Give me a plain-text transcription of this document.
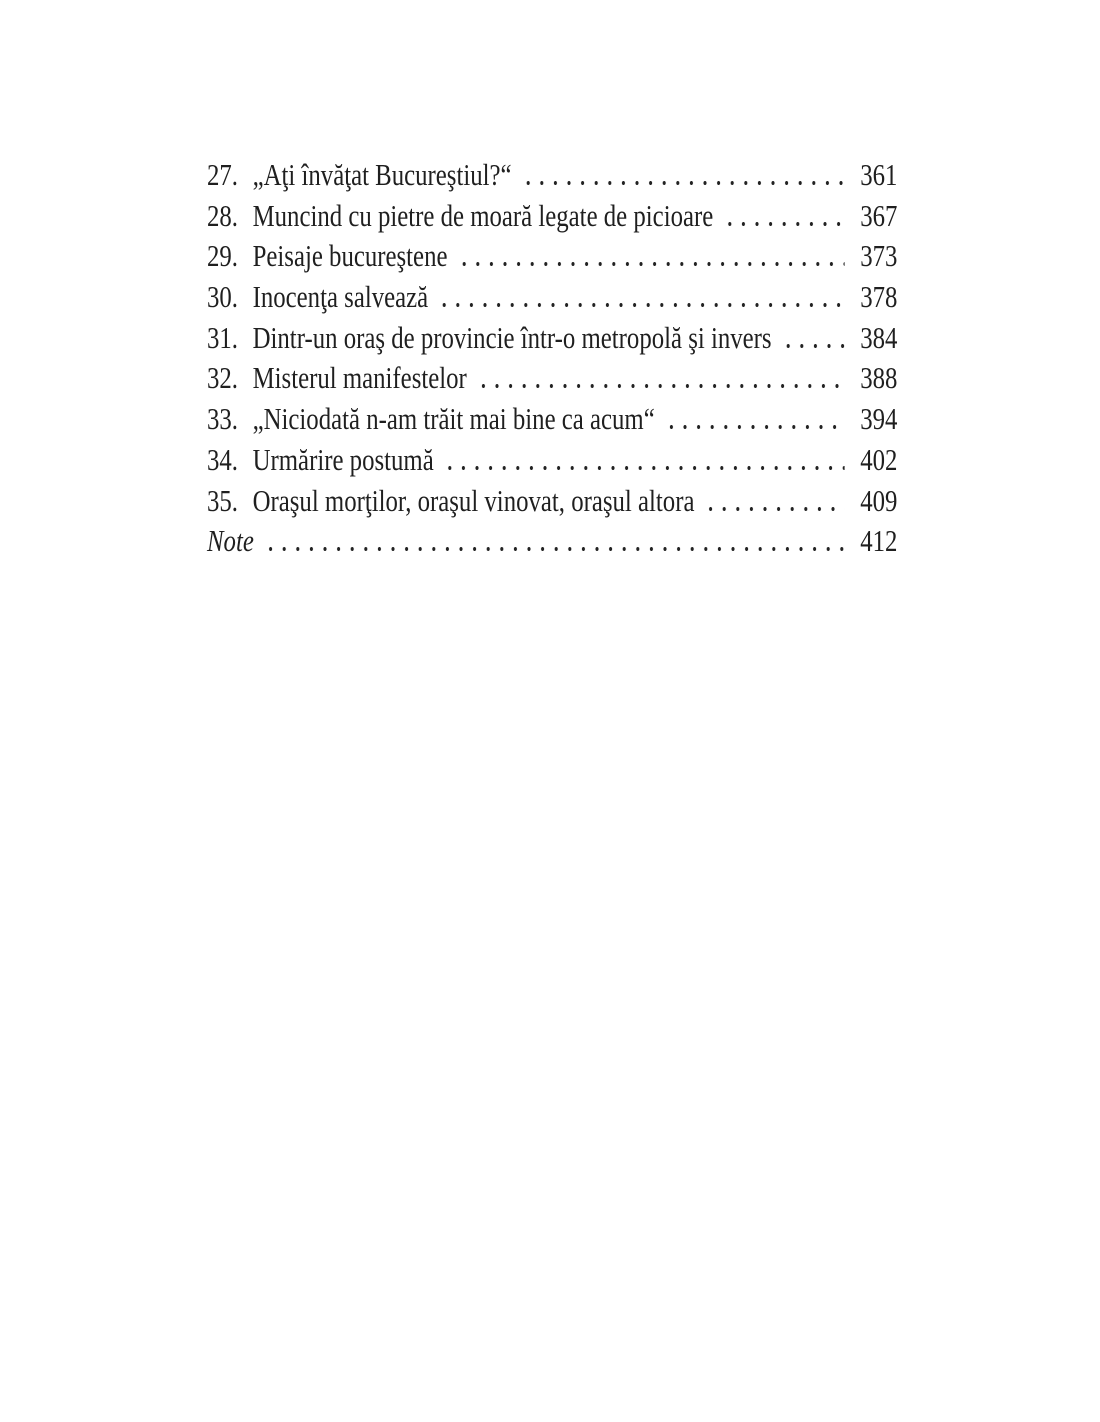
27. „Aţi învăţat Bucureştiul?“	361
28. Muncind cu pietre de moară legate de picioare	367
29. Peisaje bucureştene	373
30. Inocenţa salvează	378
31. Dintr-un oraş de provincie într-o metropolă şi invers	384
32. Misterul manifestelor	388
33. „Niciodată n-am trăit mai bine ca acum“	394
34. Urmărire postumă	402
35. Oraşul morţilor, oraşul vinovat, oraşul altora	409
Note	412
